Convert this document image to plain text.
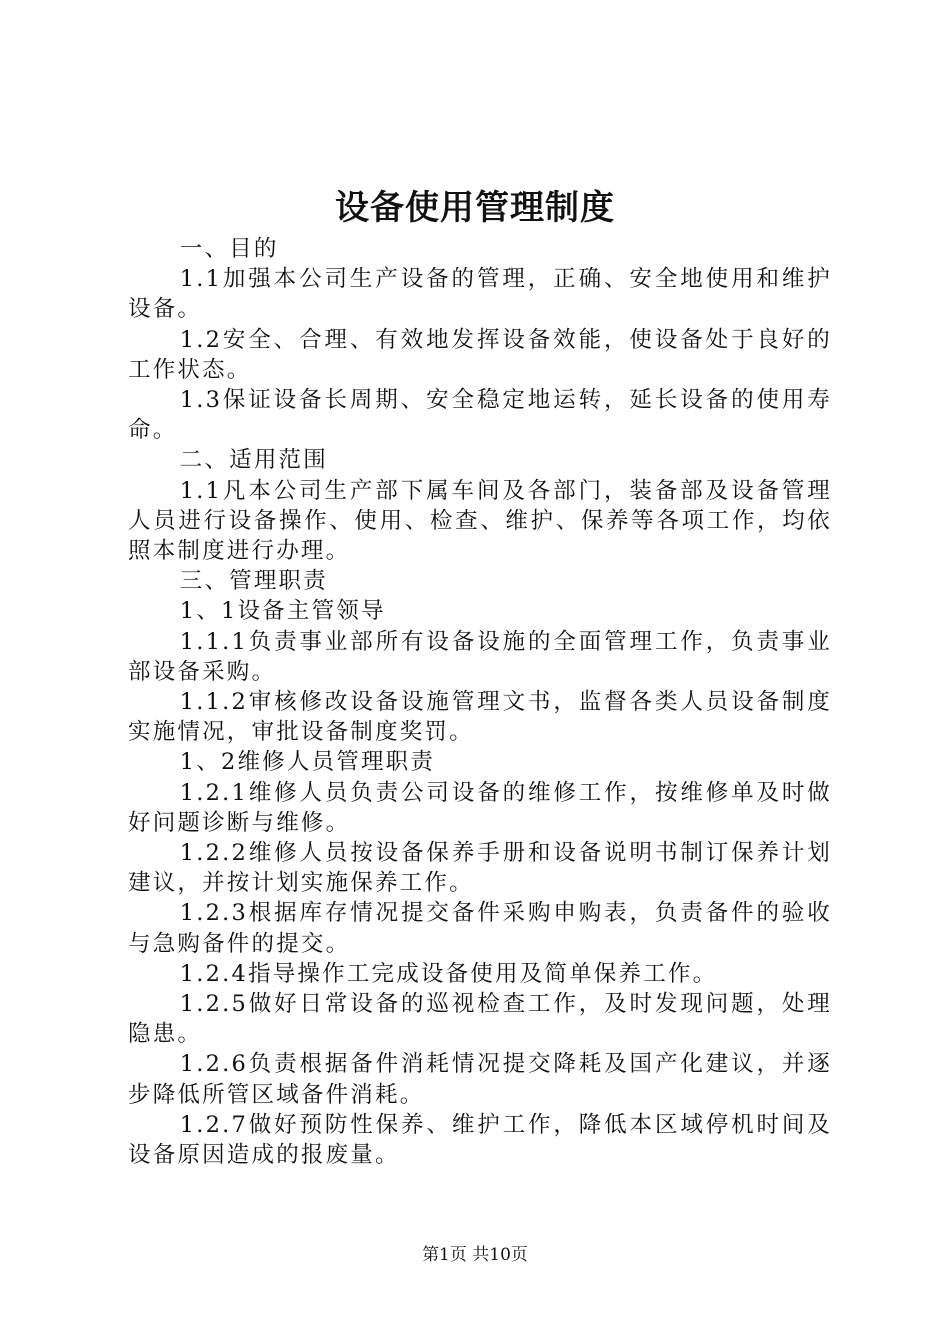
设备使用管理制度

一、目的

1.1加强本公司生产设备的管理，正确、安全地使用和维护设备。

1.2安全、合理、有效地发挥设备效能，使设备处于良好的工作状态。

1.3保证设备长周期、安全稳定地运转，延长设备的使用寿命。

二、适用范围

1.1凡本公司生产部下属车间及各部门，装备部及设备管理人员进行设备操作、使用、检查、维护、保养等各项工作，均依照本制度进行办理。

三、管理职责

1、1设备主管领导

1.1.1负责事业部所有设备设施的全面管理工作，负责事业部设备采购。

1.1.2审核修改设备设施管理文书，监督各类人员设备制度实施情况，审批设备制度奖罚。

1、2维修人员管理职责

1.2.1维修人员负责公司设备的维修工作，按维修单及时做好问题诊断与维修。

1.2.2维修人员按设备保养手册和设备说明书制订保养计划建议，并按计划实施保养工作。

1.2.3根据库存情况提交备件采购申购表，负责备件的验收与急购备件的提交。

1.2.4指导操作工完成设备使用及简单保养工作。

1.2.5做好日常设备的巡视检查工作，及时发现问题，处理隐患。

1.2.6负责根据备件消耗情况提交降耗及国产化建议，并逐步降低所管区域备件消耗。

1.2.7做好预防性保养、维护工作，降低本区域停机时间及设备原因造成的报废量。

第1页 共10页
